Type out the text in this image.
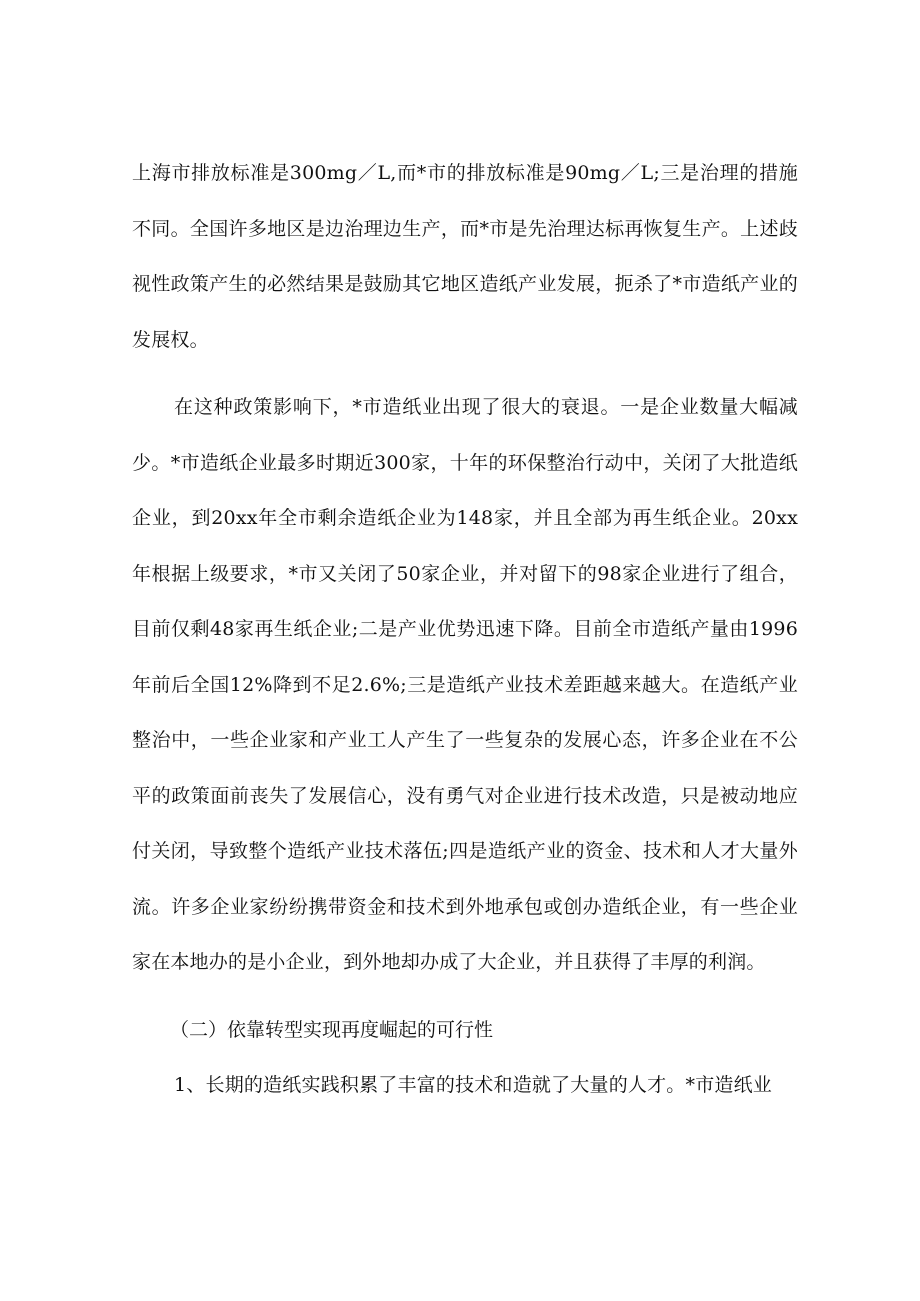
上海市排放标准是300mg／L,而*市的排放标准是90mg／L;三是治理的措施不同。全国许多地区是边治理边生产，而*市是先治理达标再恢复生产。上述歧视性政策产生的必然结果是鼓励其它地区造纸产业发展，扼杀了*市造纸产业的发展权。

在这种政策影响下，*市造纸业出现了很大的衰退。一是企业数量大幅减少。*市造纸企业最多时期近300家，十年的环保整治行动中，关闭了大批造纸企业，到20xx年全市剩余造纸企业为148家，并且全部为再生纸企业。20xx年根据上级要求，*市又关闭了50家企业，并对留下的98家企业进行了组合，目前仅剩48家再生纸企业;二是产业优势迅速下降。目前全市造纸产量由1996年前后全国12%降到不足2.6%;三是造纸产业技术差距越来越大。在造纸产业整治中，一些企业家和产业工人产生了一些复杂的发展心态，许多企业在不公平的政策面前丧失了发展信心，没有勇气对企业进行技术改造，只是被动地应付关闭，导致整个造纸产业技术落伍;四是造纸产业的资金、技术和人才大量外流。许多企业家纷纷携带资金和技术到外地承包或创办造纸企业，有一些企业家在本地办的是小企业，到外地却办成了大企业，并且获得了丰厚的利润。

（二）依靠转型实现再度崛起的可行性

1、长期的造纸实践积累了丰富的技术和造就了大量的人才。*市造纸业
